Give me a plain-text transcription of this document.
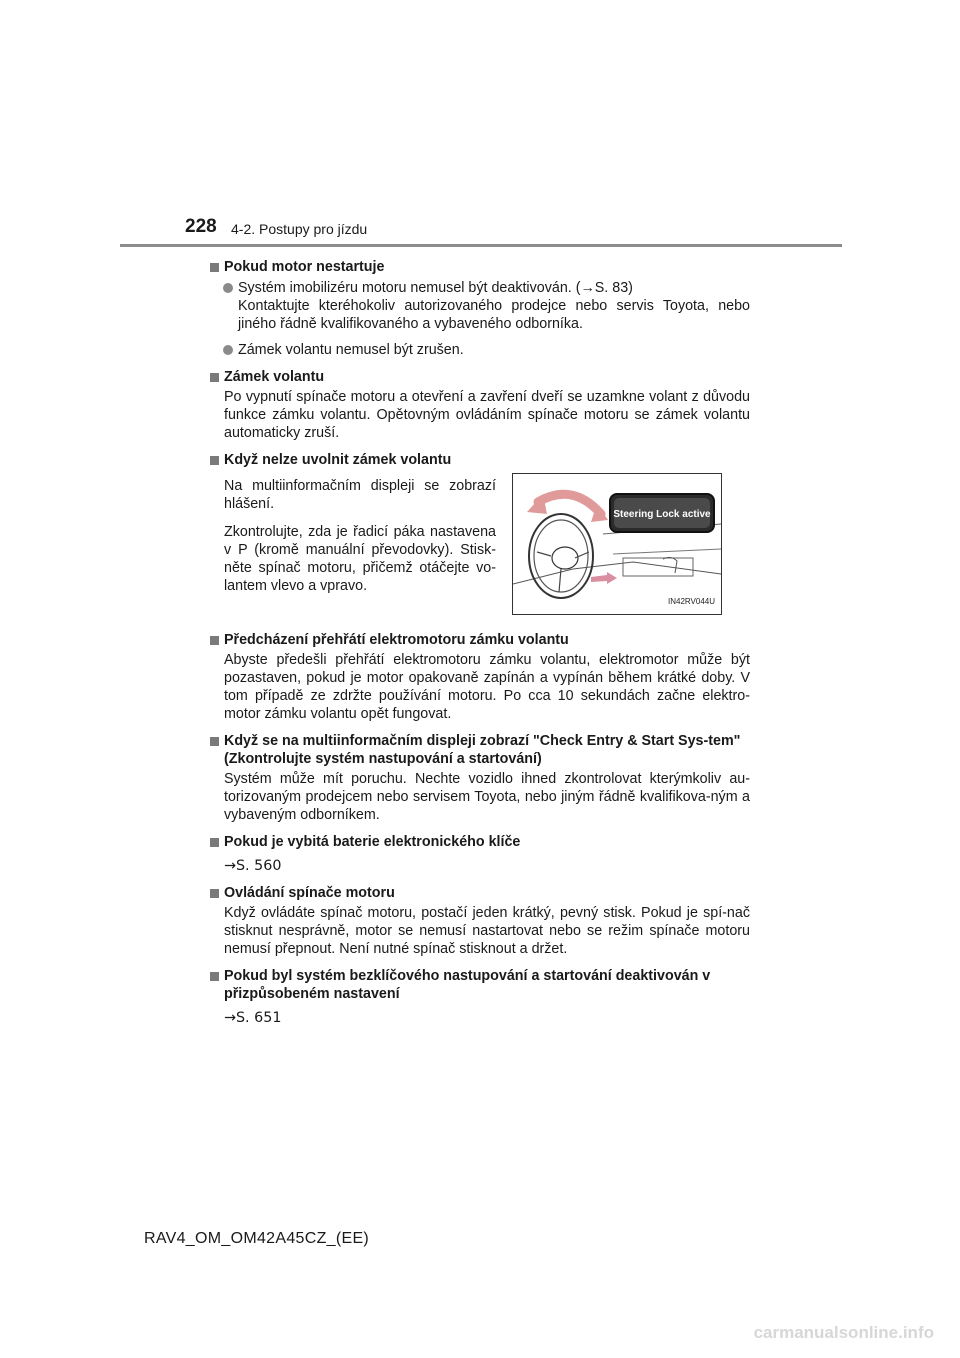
228 4-2. Postupy pro jízdu
Pokud motor nestartuje
Systém imobilizéru motoru nemusel být deaktivován. (→S. 83)
Kontaktujte kteréhokoliv autorizovaného prodejce nebo servis Toyota, nebo jiného řádně kvalifikovaného a vybaveného odborníka.
Zámek volantu nemusel být zrušen.
Zámek volantu
Po vypnutí spínače motoru a otevření a zavření dveří se uzamkne volant z důvodu funkce zámku volantu. Opětovným ovládáním spínače motoru se zámek volantu automaticky zruší.
Když nelze uvolnit zámek volantu
Na multiinformačním displeji se zobrazí hlášení.
Zkontrolujte, zda je řadicí páka nastavena v P (kromě manuální převodovky). Stisk-něte spínač motoru, přičemž otáčejte vo-lantem vlevo a vpravo.
Steering Lock active
IN42RV044U
Předcházení přehřátí elektromotoru zámku volantu
Abyste předešli přehřátí elektromotoru zámku volantu, elektromotor může být pozastaven, pokud je motor opakovaně zapínán a vypínán během krátké doby. V tom případě ze zdržte používání motoru. Po cca 10 sekundách začne elektro-motor zámku volantu opět fungovat.
Když se na multiinformačním displeji zobrazí "Check Entry & Start Sys-tem" (Zkontrolujte systém nastupování a startování)
Systém může mít poruchu. Nechte vozidlo ihned zkontrolovat kterýmkoliv au-torizovaným prodejcem nebo servisem Toyota, nebo jiným řádně kvalifikova-ným a vybaveným odborníkem.
Pokud je vybitá baterie elektronického klíče
→S. 560
Ovládání spínače motoru
Když ovládáte spínač motoru, postačí jeden krátký, pevný stisk. Pokud je spí-nač stisknut nesprávně, motor se nemusí nastartovat nebo se režim spínače motoru nemusí přepnout. Není nutné spínač stisknout a držet.
Pokud byl systém bezklíčového nastupování a startování deaktivován v přizpůsobeném nastavení
→S. 651
RAV4_OM_OM42A45CZ_(EE)
carmanualsonline.info
